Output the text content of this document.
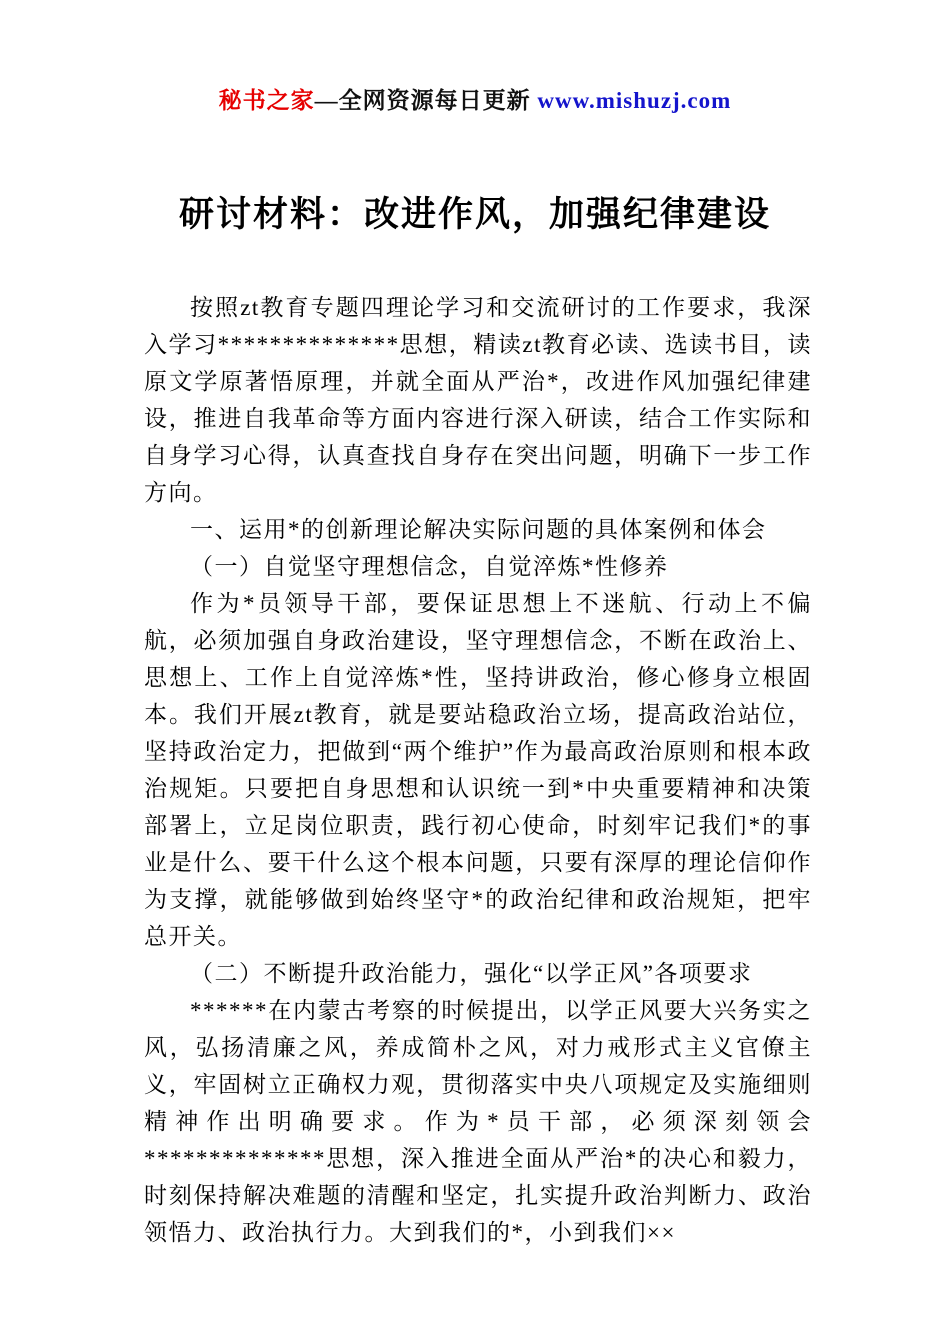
秘书之家—全网资源每日更新 www.mishuzj.com
研讨材料：改进作风，加强纪律建设

按照zt教育专题四理论学习和交流研讨的工作要求，我深入学习**************思想，精读zt教育必读、选读书目，读原文学原著悟原理，并就全面从严治*，改进作风加强纪律建设，推进自我革命等方面内容进行深入研读，结合工作实际和自身学习心得，认真查找自身存在突出问题，明确下一步工作方向。

一、运用*的创新理论解决实际问题的具体案例和体会

（一）自觉坚守理想信念，自觉淬炼*性修养

作为*员领导干部，要保证思想上不迷航、行动上不偏航，必须加强自身政治建设，坚守理想信念，不断在政治上、思想上、工作上自觉淬炼*性，坚持讲政治，修心修身立根固本。我们开展zt教育，就是要站稳政治立场，提高政治站位，坚持政治定力，把做到“两个维护”作为最高政治原则和根本政治规矩。只要把自身思想和认识统一到*中央重要精神和决策部署上，立足岗位职责，践行初心使命，时刻牢记我们*的事业是什么、要干什么这个根本问题，只要有深厚的理论信仰作为支撑，就能够做到始终坚守*的政治纪律和政治规矩，把牢总开关。

（二）不断提升政治能力，强化“以学正风”各项要求

******在内蒙古考察的时候提出，以学正风要大兴务实之风，弘扬清廉之风，养成简朴之风，对力戒形式主义官僚主义，牢固树立正确权力观，贯彻落实中央八项规定及实施细则精神作出明确要求。作为*员干部，必须深刻领会**************思想，深入推进全面从严治*的决心和毅力，时刻保持解决难题的清醒和坚定，扎实提升政治判断力、政治领悟力、政治执行力。大到我们的*，小到我们××
